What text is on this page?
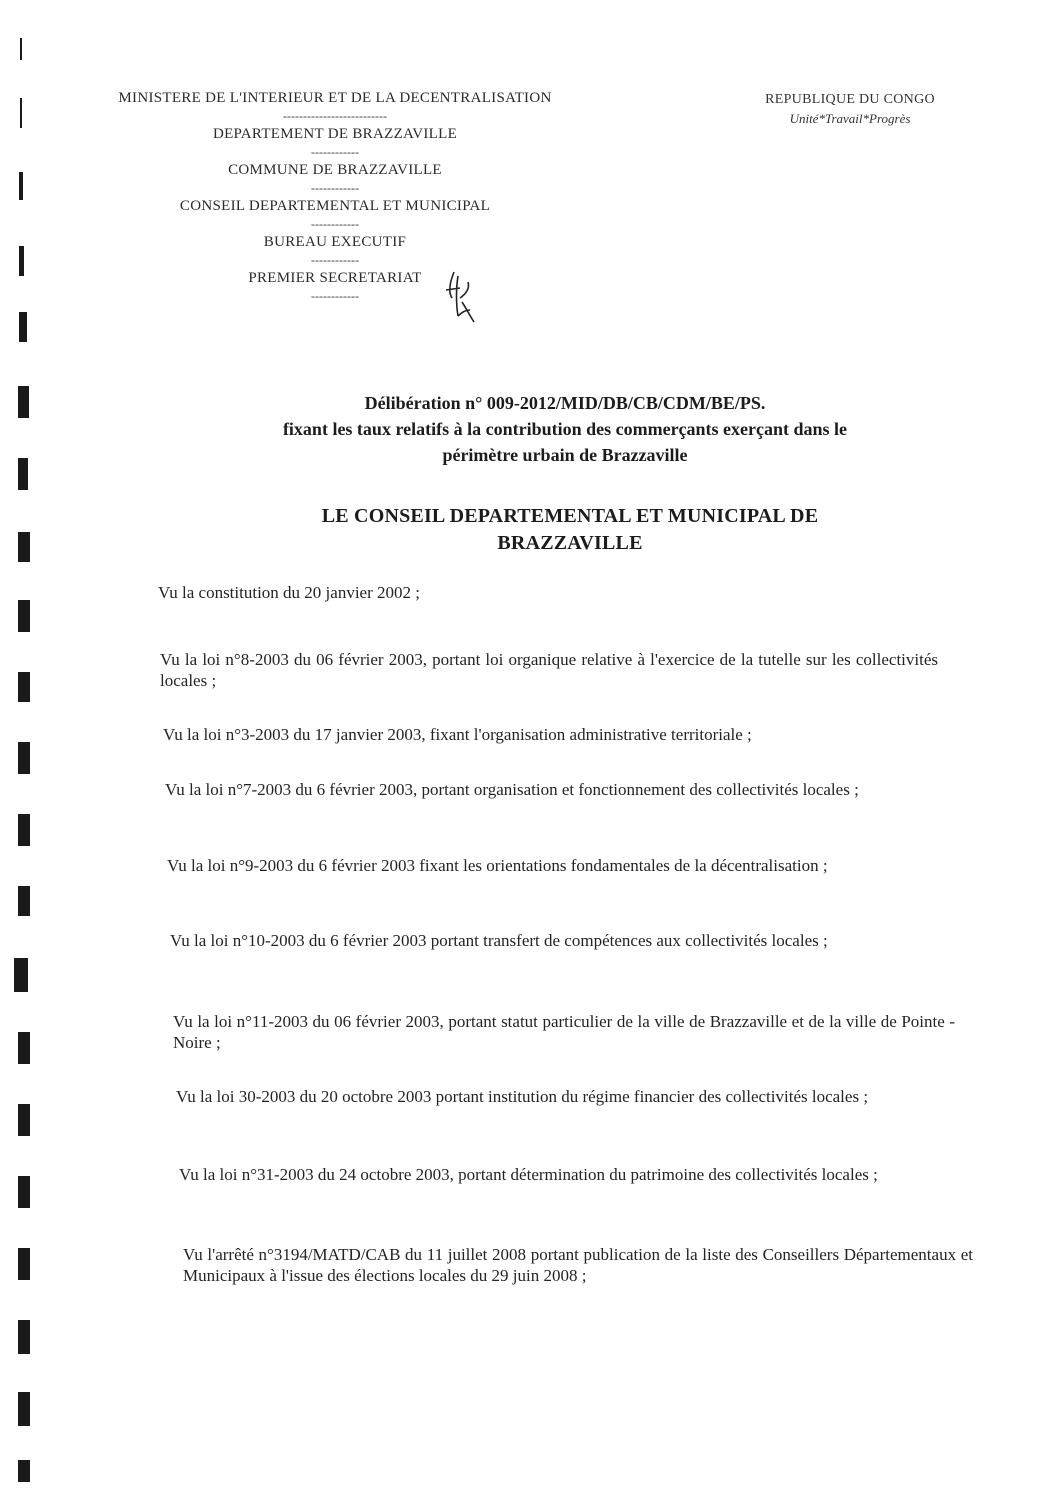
MINISTERE DE L'INTERIEUR ET DE LA DECENTRALISATION
--------------------------
DEPARTEMENT DE BRAZZAVILLE
------------
COMMUNE DE BRAZZAVILLE
------------
CONSEIL DEPARTEMENTAL ET MUNICIPAL
------------
BUREAU EXECUTIF
------------
PREMIER SECRETARIAT
------------
REPUBLIQUE DU CONGO
Unité*Travail*Progrès
Délibération n° 009-2012/MID/DB/CB/CDM/BE/PS.
fixant les taux relatifs à la contribution des commerçants exerçant dans le
périmètre urbain de Brazzaville
LE CONSEIL DEPARTEMENTAL ET MUNICIPAL DE
BRAZZAVILLE

Vu la constitution du 20 janvier 2002 ;

Vu la loi n°8-2003 du 06 février 2003, portant loi organique relative à l'exercice de la tutelle sur les collectivités locales ;

Vu la loi n°3-2003 du 17 janvier 2003, fixant l'organisation administrative territoriale ;

Vu la loi n°7-2003 du 6 février 2003, portant organisation et fonctionnement des collectivités locales ;

Vu la loi n°9-2003 du 6 février 2003 fixant les orientations fondamentales de la décentralisation ;

Vu la loi n°10-2003 du 6 février 2003 portant transfert de compétences aux collectivités locales ;

Vu la loi n°11-2003 du 06 février 2003, portant statut particulier de la ville de Brazzaville et de la ville de Pointe -Noire ;

Vu la loi 30-2003 du 20 octobre 2003 portant institution du régime financier des collectivités locales ;

Vu la loi n°31-2003 du 24 octobre 2003, portant détermination du patrimoine des collectivités locales ;

Vu l'arrêté n°3194/MATD/CAB du 11 juillet 2008 portant publication de la liste des Conseillers Départementaux et Municipaux à l'issue des élections locales du 29 juin 2008 ;
